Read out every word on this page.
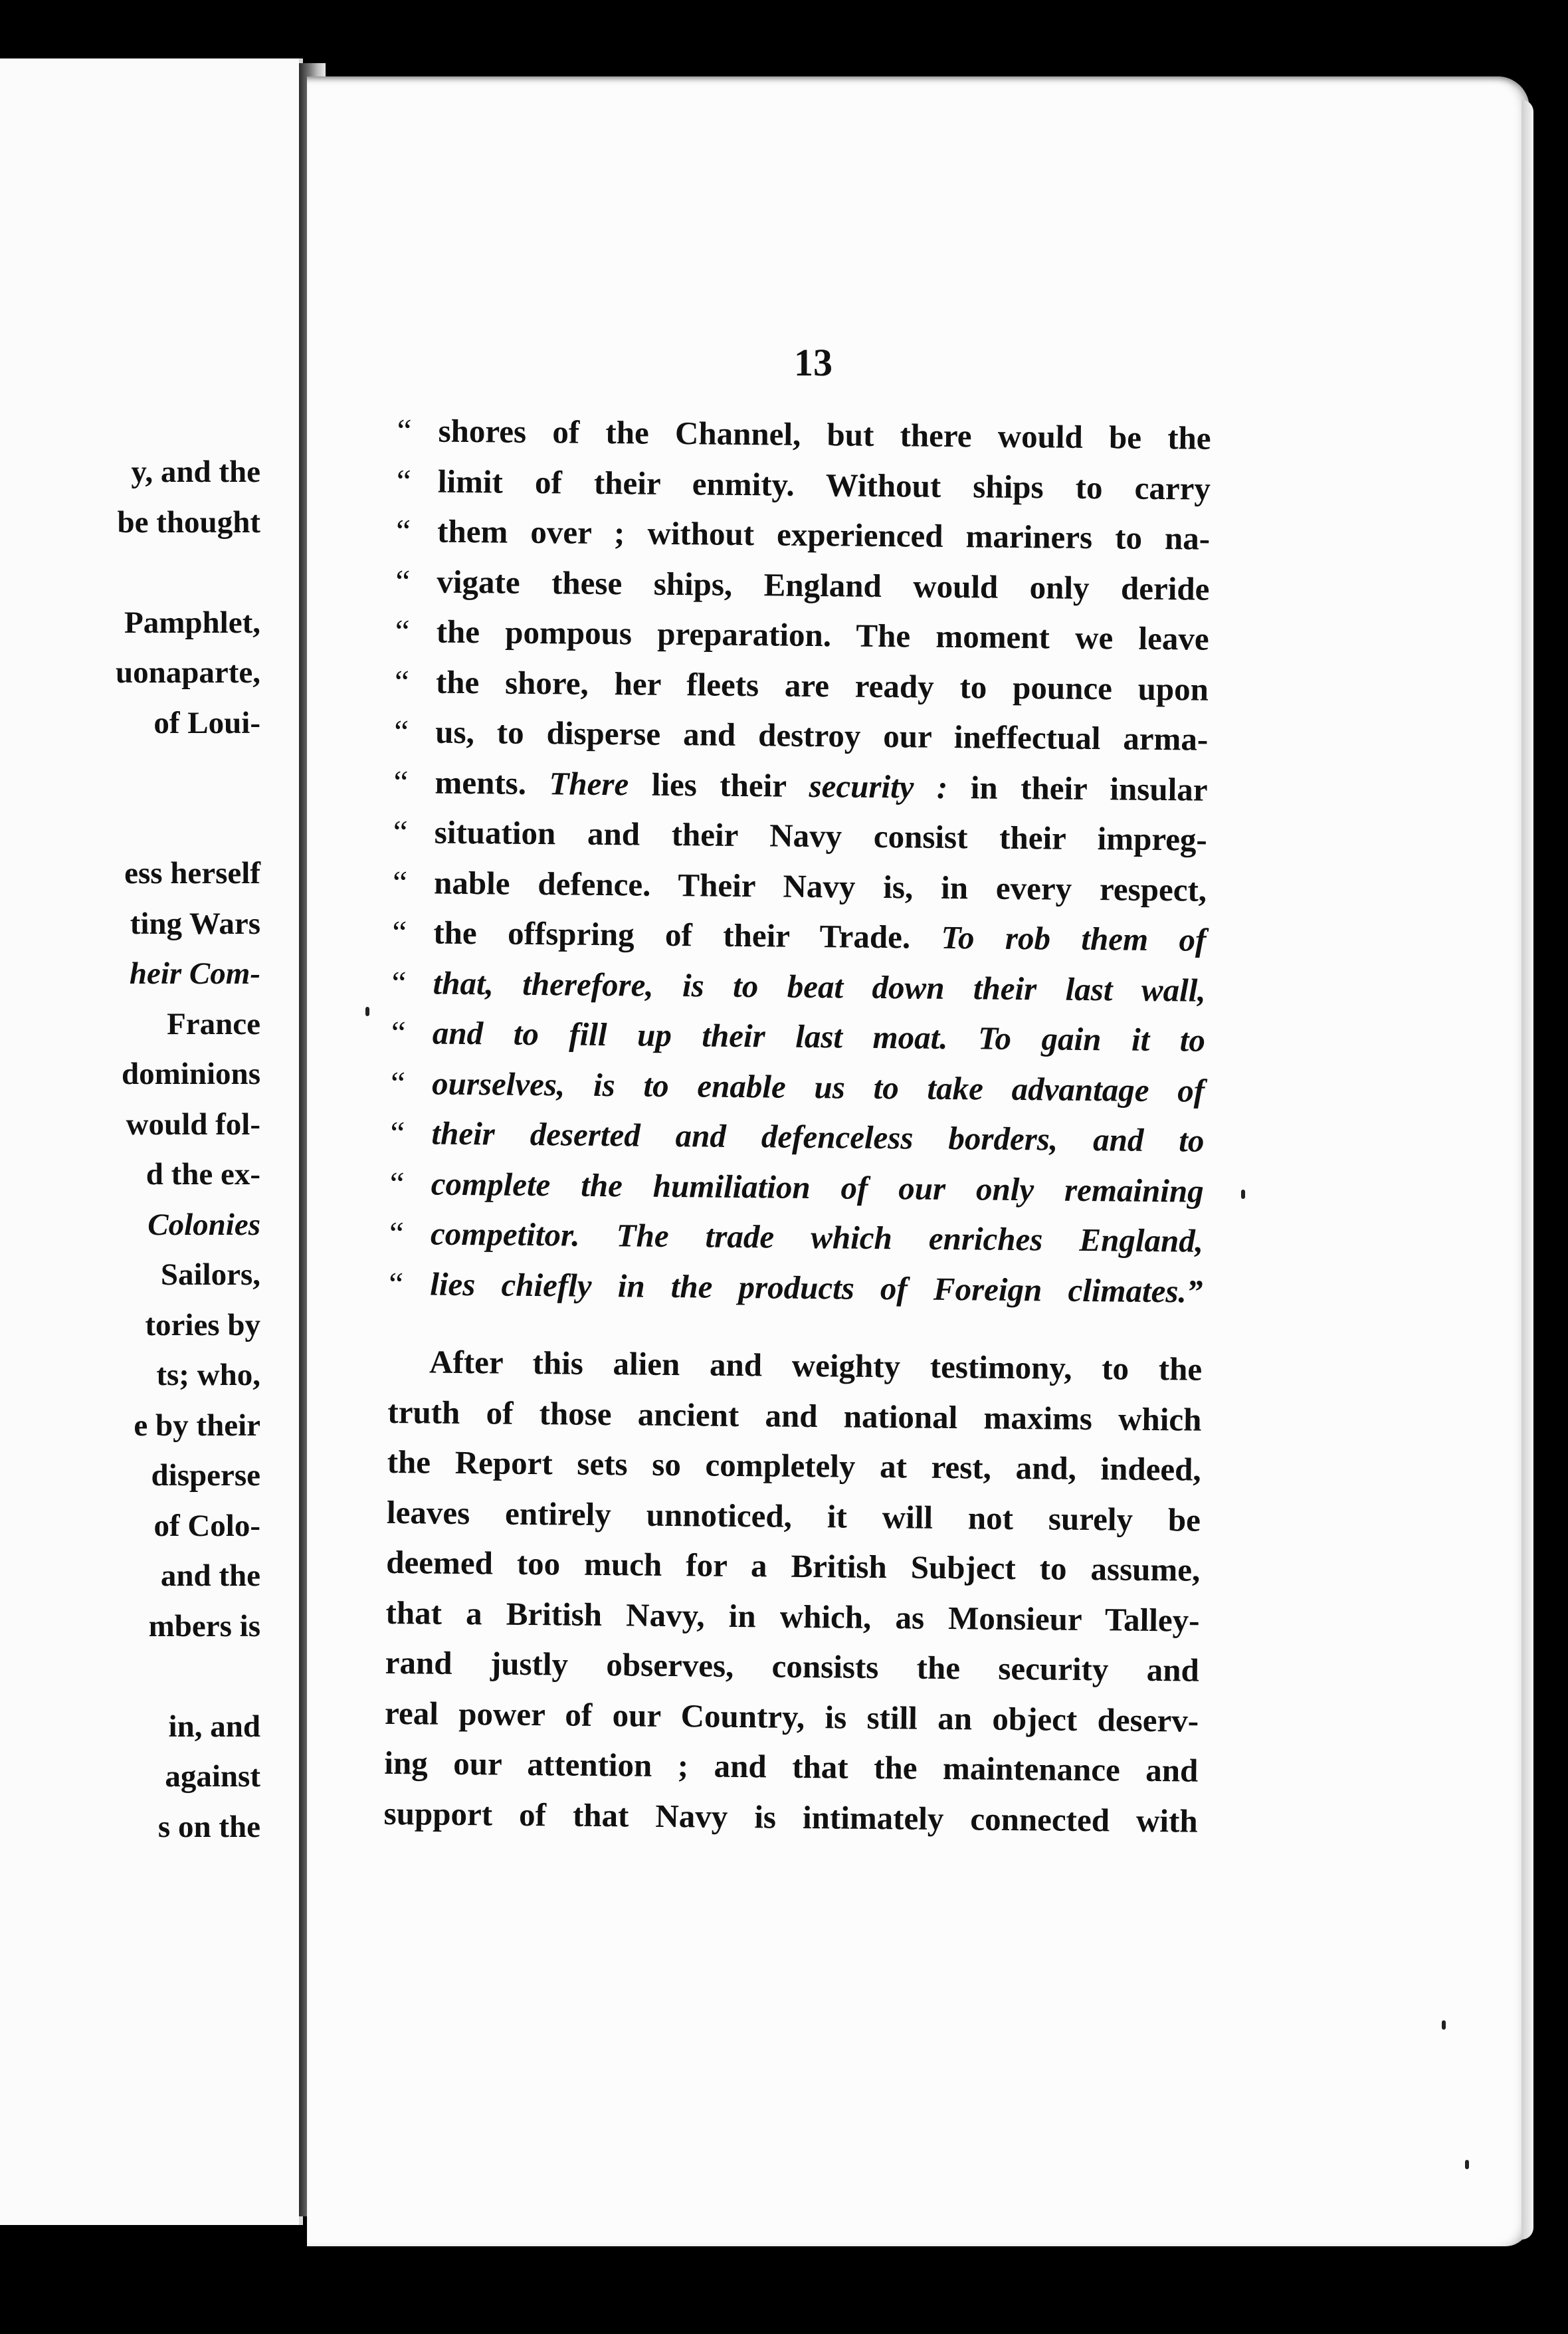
y, and the
be thought
Pamphlet,
uonaparte,
of Loui-
ess herself
ting Wars
heir Com-
France
dominions
would fol-
d the ex-
Colonies
Sailors,
tories by
ts; who,
e by their
disperse
of Colo-
and the
mbers is
in, and
against
s on the
13
“ shores of the Channel, but there would be the
“ limit of their enmity. Without ships to carry
“ them over ; without experienced mariners to na-
“ vigate these ships, England would only deride
“ the pompous preparation. The moment we leave
“ the shore, her fleets are ready to pounce upon
“ us, to disperse and destroy our ineffectual arma-
“ ments. There lies their security : in their insular
“ situation and their Navy consist their impreg-
“ nable defence. Their Navy is, in every respect,
“ the offspring of their Trade. To rob them of
“ that, therefore, is to beat down their last wall,
“ and to fill up their last moat. To gain it to
“ ourselves, is to enable us to take advantage of
“ their deserted and defenceless borders, and to
“ complete the humiliation of our only remaining
“ competitor. The trade which enriches England,
“ lies chiefly in the products of Foreign climates.”
After this alien and weighty testimony, to the
truth of those ancient and national maxims which
the Report sets so completely at rest, and, indeed,
leaves entirely unnoticed, it will not surely be
deemed too much for a British Subject to assume,
that a British Navy, in which, as Monsieur Talley-
rand justly observes, consists the security and
real power of our Country, is still an object deserv-
ing our attention ; and that the maintenance and
support of that Navy is intimately connected with
